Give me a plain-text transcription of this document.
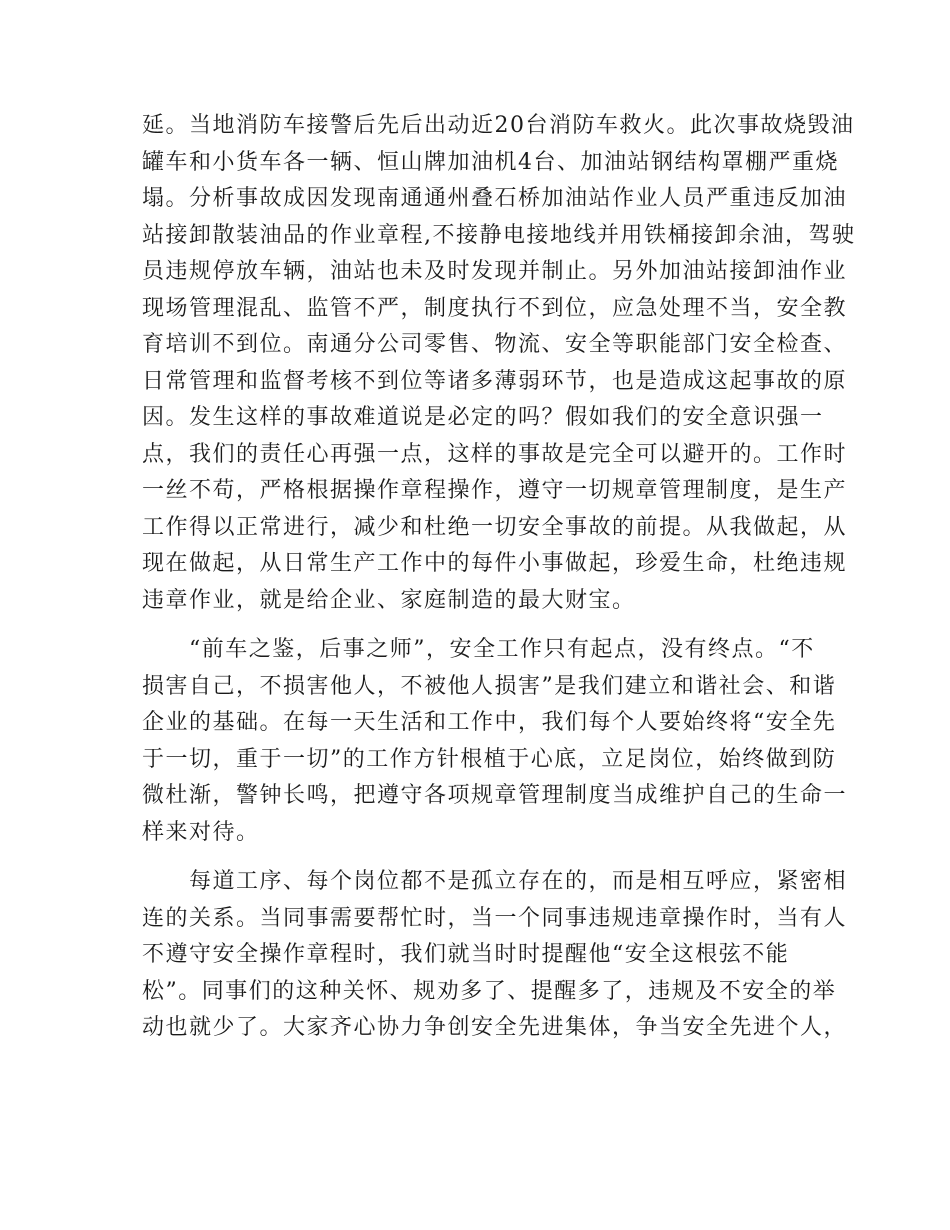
延。当地消防车接警后先后出动近20台消防车救火。此次事故烧毁油
罐车和小货车各一辆、恒山牌加油机4台、加油站钢结构罩棚严重烧
塌。分析事故成因发现南通通州叠石桥加油站作业人员严重违反加油
站接卸散装油品的作业章程,不接静电接地线并用铁桶接卸余油，驾驶
员违规停放车辆，油站也未及时发现并制止。另外加油站接卸油作业
现场管理混乱、监管不严，制度执行不到位，应急处理不当，安全教
育培训不到位。南通分公司零售、物流、安全等职能部门安全检查、
日常管理和监督考核不到位等诸多薄弱环节，也是造成这起事故的原
因。发生这样的事故难道说是必定的吗？假如我们的安全意识强一
点，我们的责任心再强一点，这样的事故是完全可以避开的。工作时
一丝不苟，严格根据操作章程操作，遵守一切规章管理制度，是生产
工作得以正常进行，减少和杜绝一切安全事故的前提。从我做起，从
现在做起，从日常生产工作中的每件小事做起，珍爱生命，杜绝违规
违章作业，就是给企业、家庭制造的最大财宝。
　　“前车之鉴，后事之师”，安全工作只有起点，没有终点。“不
损害自己，不损害他人，不被他人损害”是我们建立和谐社会、和谐
企业的基础。在每一天生活和工作中，我们每个人要始终将“安全先
于一切，重于一切”的工作方针根植于心底，立足岗位，始终做到防
微杜渐，警钟长鸣，把遵守各项规章管理制度当成维护自己的生命一
样来对待。
　　每道工序、每个岗位都不是孤立存在的，而是相互呼应，紧密相
连的关系。当同事需要帮忙时，当一个同事违规违章操作时，当有人
不遵守安全操作章程时，我们就当时时提醒他“安全这根弦不能
松”。同事们的这种关怀、规劝多了、提醒多了，违规及不安全的举
动也就少了。大家齐心协力争创安全先进集体，争当安全先进个人，
